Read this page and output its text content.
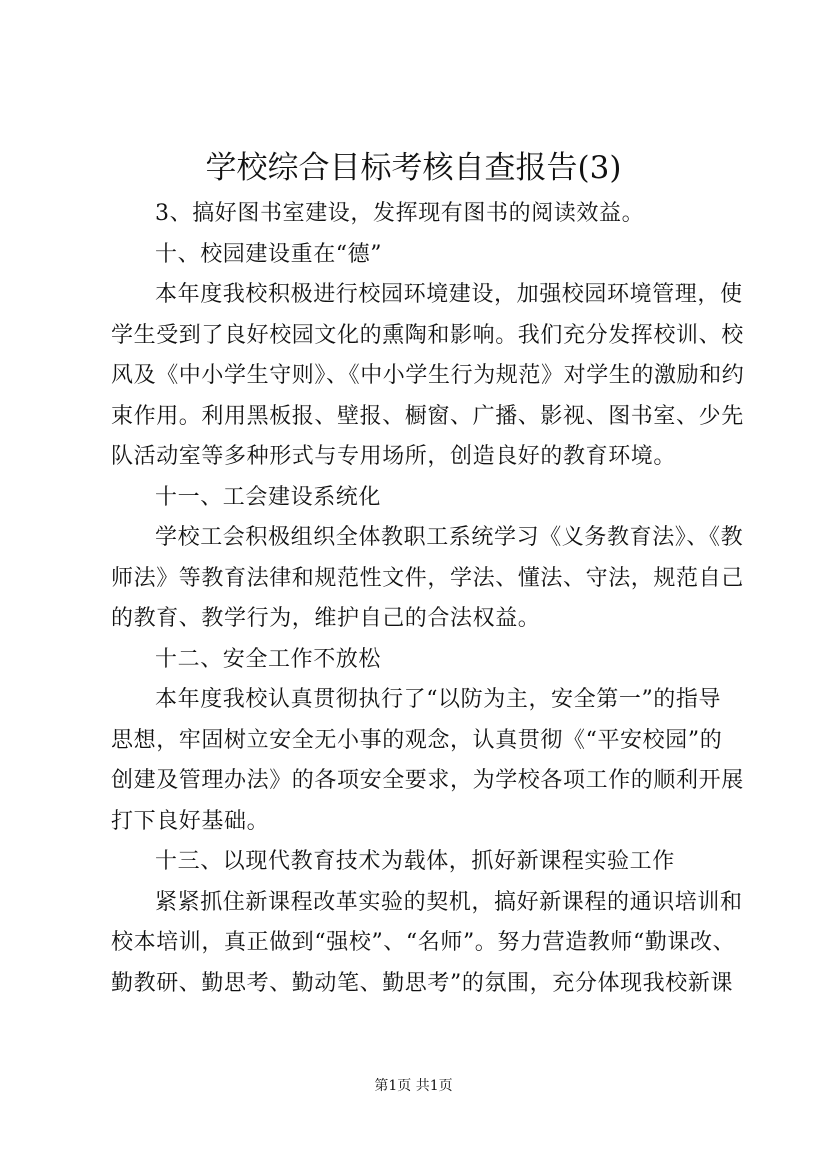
学校综合目标考核自查报告(3)
3、搞好图书室建设，发挥现有图书的阅读效益。
十、校园建设重在“德”
本年度我校积极进行校园环境建设，加强校园环境管理，使
学生受到了良好校园文化的熏陶和影响。我们充分发挥校训、校
风及《中小学生守则》、《中小学生行为规范》对学生的激励和约
束作用。利用黑板报、壁报、橱窗、广播、影视、图书室、少先
队活动室等多种形式与专用场所，创造良好的教育环境。
十一、工会建设系统化
学校工会积极组织全体教职工系统学习《义务教育法》、《教
师法》等教育法律和规范性文件，学法、懂法、守法，规范自己
的教育、教学行为，维护自己的合法权益。
十二、安全工作不放松
本年度我校认真贯彻执行了“以防为主，安全第一”的指导
思想，牢固树立安全无小事的观念，认真贯彻《“平安校园”的
创建及管理办法》的各项安全要求，为学校各项工作的顺利开展
打下良好基础。
十三、以现代教育技术为载体，抓好新课程实验工作
紧紧抓住新课程改革实验的契机，搞好新课程的通识培训和
校本培训，真正做到“强校”、“名师”。努力营造教师“勤课改、
勤教研、勤思考、勤动笔、勤思考”的氛围，充分体现我校新课
第1页 共1页
